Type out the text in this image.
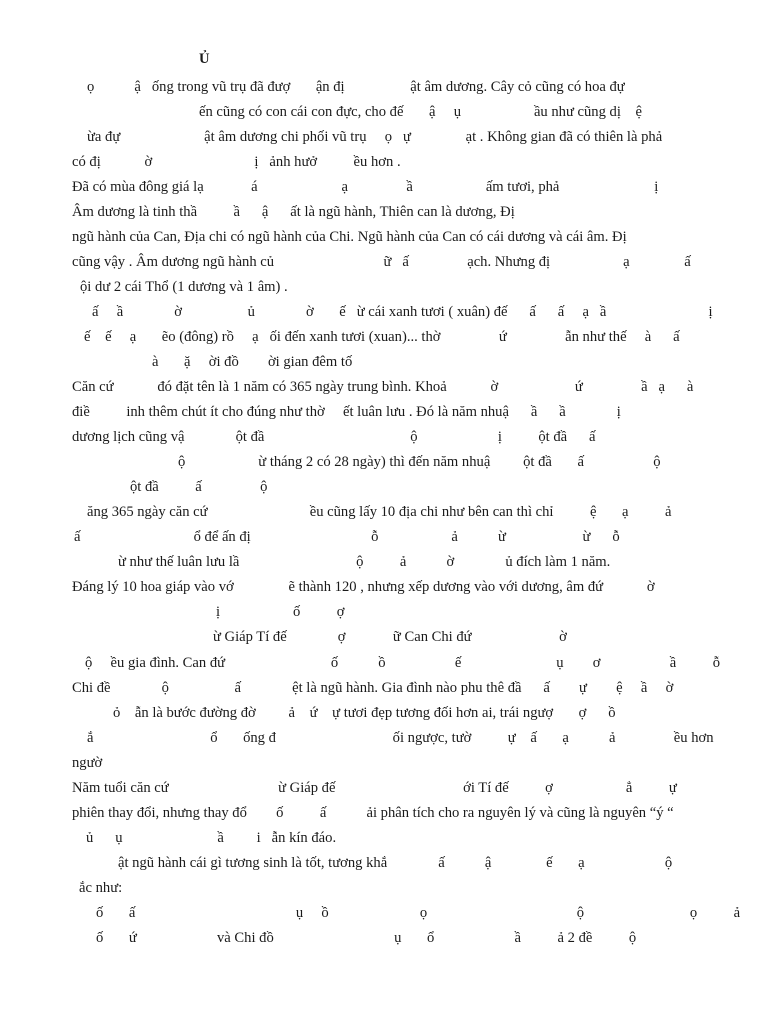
Ủ
ọ           ậ   ống trong vũ trụ đã đượ       ận đị                  ật âm dương. Cây cỏ cũng có hoa đự
ến cũng có con cái con đực, cho đế       ậ     ụ                    ầu như cũng dị    ệ
ừa đự                       ật âm dương chi phối vũ trụ     ọ   ự               ạt . Không gian đã có thiên là phả
có đị            ờ                            ị   ảnh hưở          ều hơn .
Đã có mùa đông giá lạ             á                       ạ                ầ                    ấm tươi, phả                          ị
Âm dương là tinh thầ          ầ      ậ      ất là ngũ hành, Thiên can là dương, Đị
ngũ hành của Can, Địa chi có ngũ hành của Chi. Ngũ hành của Can có cái dương và cái âm. Đị
cũng vậy . Âm dương ngũ hành củ                              ữ   ấ                ạch. Nhưng đị                    ạ               ấ
ội dư 2 cái Thổ (1 dương và 1 âm) .
ấ     ầ              ờ                  ủ              ờ       ế   ừ cái xanh tươi ( xuân) đế      ấ      ấ     ạ   ầ                            ị
ế    ế     ạ       ẽo (đông) rồ     ạ   ối đến xanh tươi (xuan)... thờ                ứ                ẫn như thế     à      ấ
à       ặ     ời đồ        ời gian đêm tố
Căn cứ            đó đặt tên là 1 năm có 365 ngày trung bình. Khoả            ờ                     ứ                ầ   ạ      à
điề          inh thêm chút ít cho đúng như thờ     ết luân lưu . Đó là năm nhuậ      ầ      ầ              ị
dương lịch cũng vậ              ột đầ                                        ộ                      ị          ột đầ      ấ
ộ                    ừ tháng 2 có 28 ngày) thì đến năm nhuậ         ột đầ       ấ                   ộ
ột đầ          ấ                ộ
ăng 365 ngày căn cứ                            ều cũng lấy 10 địa chi như bên can thì chỉ          ệ       ạ          ả
ấ                               ổ để ấn đị                                 ỗ                    ả           ừ                     ừ      ỗ
ừ như thế luân lưu lầ                                ộ          ả           ờ              ủ đích làm 1 năm.
Đáng lý 10 hoa giáp vào vớ               ẽ thành 120 , nhưng xếp dương vào với dương, âm đứ            ờ
ị                    ố          ợ
ừ Giáp Tí đế              ợ             ữ Can Chi đứ                        ờ
ộ     ều gia đình. Can đứ                             ố           ồ                   ế                          ụ        ơ                   ầ          ỗ
Chi đề              ộ                  ấ              ệt là ngũ hành. Gia đình nào phu thê đầ      ấ        ự        ệ     ầ     ờ
ỏ    ẫn là bước đường đờ         ả    ứ    ự tươi đẹp tương đối hơn ai, trái ngượ       ợ      ồ
ắ                                ổ       ống đ                                ối ngược, tườ          ự    ấ       ạ           ả                ều hơn
ngườ
Năm tuổi căn cứ                              ừ Giáp đế                                   ới Tí đế          ợ                    ẳ          ự
phiên thay đổi, nhưng thay đổ        ố          ấ           ải phân tích cho ra nguyên lý và cũng là nguyên “ý “
ủ      ụ                          ầ         i   ẫn kín đáo.
ật ngũ hành cái gì tương sinh là tốt, tương khắ              ấ           ậ               ế       ạ                      ộ
ắc như:
ố       ấ                                            ụ     ồ                         ọ                                         ộ                             ọ          ả
ố       ứ                      và Chi đồ                                 ụ       ổ                      ầ          ả 2 đề          ộ
